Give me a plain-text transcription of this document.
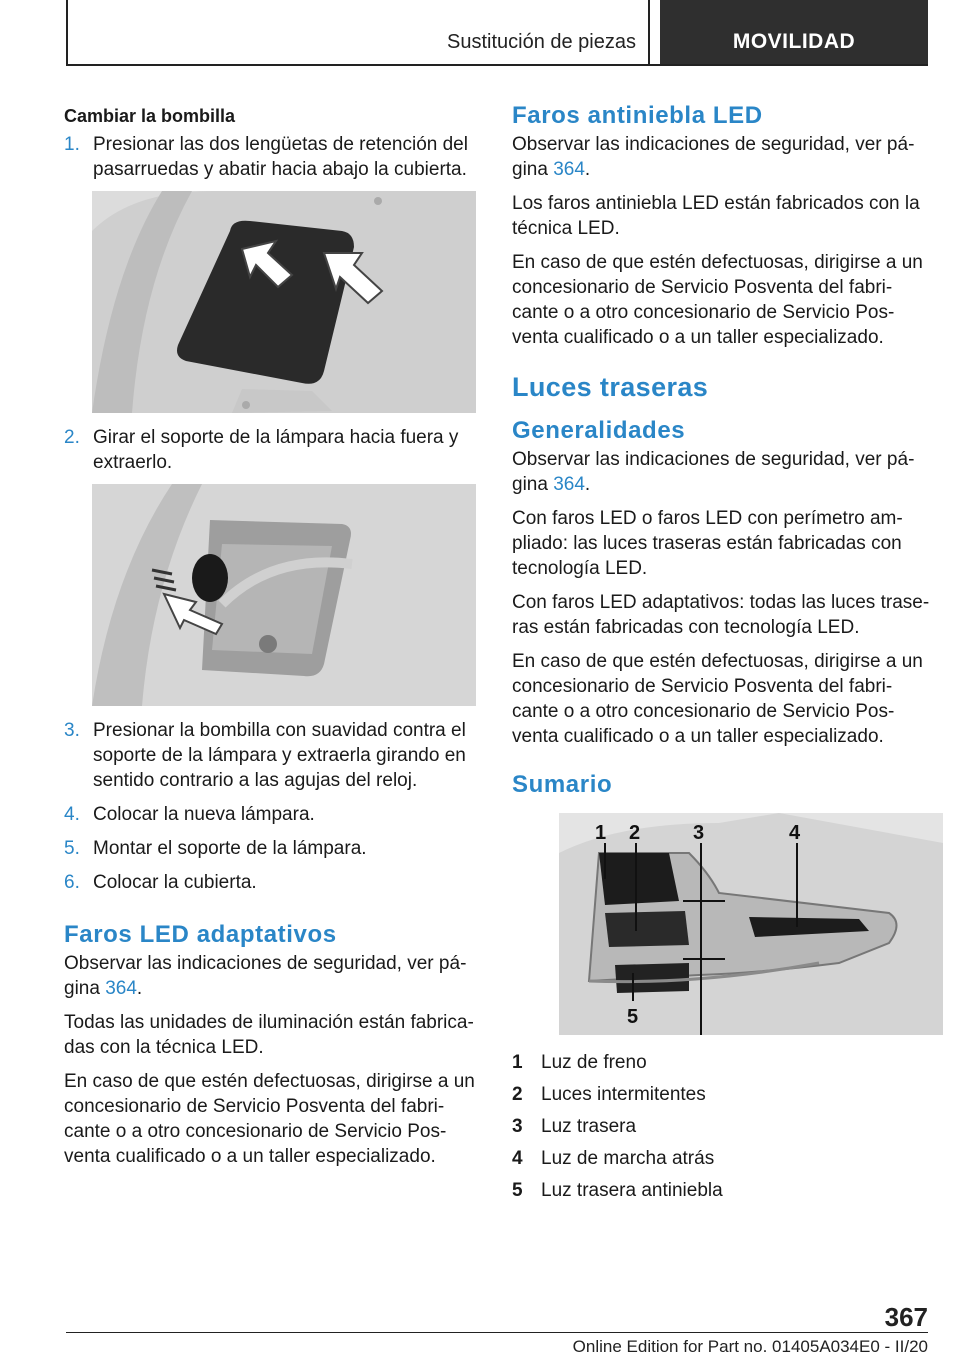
Sustitución de piezas	MOVILIDAD
Cambiar la bombilla
1. Presionar las dos lengüetas de retención del pasarruedas y abatir hacia abajo la cubierta.
2. Girar el soporte de la lámpara hacia fuera y extraerlo.
3. Presionar la bombilla con suavidad contra el soporte de la lámpara y extraerla girando en sentido contrario a las agujas del reloj.
4. Colocar la nueva lámpara.
5. Montar el soporte de la lámpara.
6. Colocar la cubierta.
Faros LED adaptativos

Observar las indicaciones de seguridad, ver página 364.

Todas las unidades de iluminación están fabricadas con la técnica LED.

En caso de que estén defectuosas, dirigirse a un concesionario de Servicio Posventa del fabricante o a otro concesionario de Servicio Posventa cualificado o a un taller especializado.

Faros antiniebla LED

Observar las indicaciones de seguridad, ver página 364.

Los faros antiniebla LED están fabricados con la técnica LED.

En caso de que estén defectuosas, dirigirse a un concesionario de Servicio Posventa del fabricante o a otro concesionario de Servicio Posventa cualificado o a un taller especializado.

Luces traseras
Generalidades

Observar las indicaciones de seguridad, ver página 364.

Con faros LED o faros LED con perímetro ampliado: las luces traseras están fabricadas con tecnología LED.

Con faros LED adaptativos: todas las luces traseras están fabricadas con tecnología LED.

En caso de que estén defectuosas, dirigirse a un concesionario de Servicio Posventa del fabricante o a otro concesionario de Servicio Posventa cualificado o a un taller especializado.

Sumario
1 2	3	4
5
1 Luz de freno
2 Luces intermitentes
3 Luz trasera
4 Luz de marcha atrás
5 Luz trasera antiniebla
367
Online Edition for Part no. 01405A034E0 - II/20
